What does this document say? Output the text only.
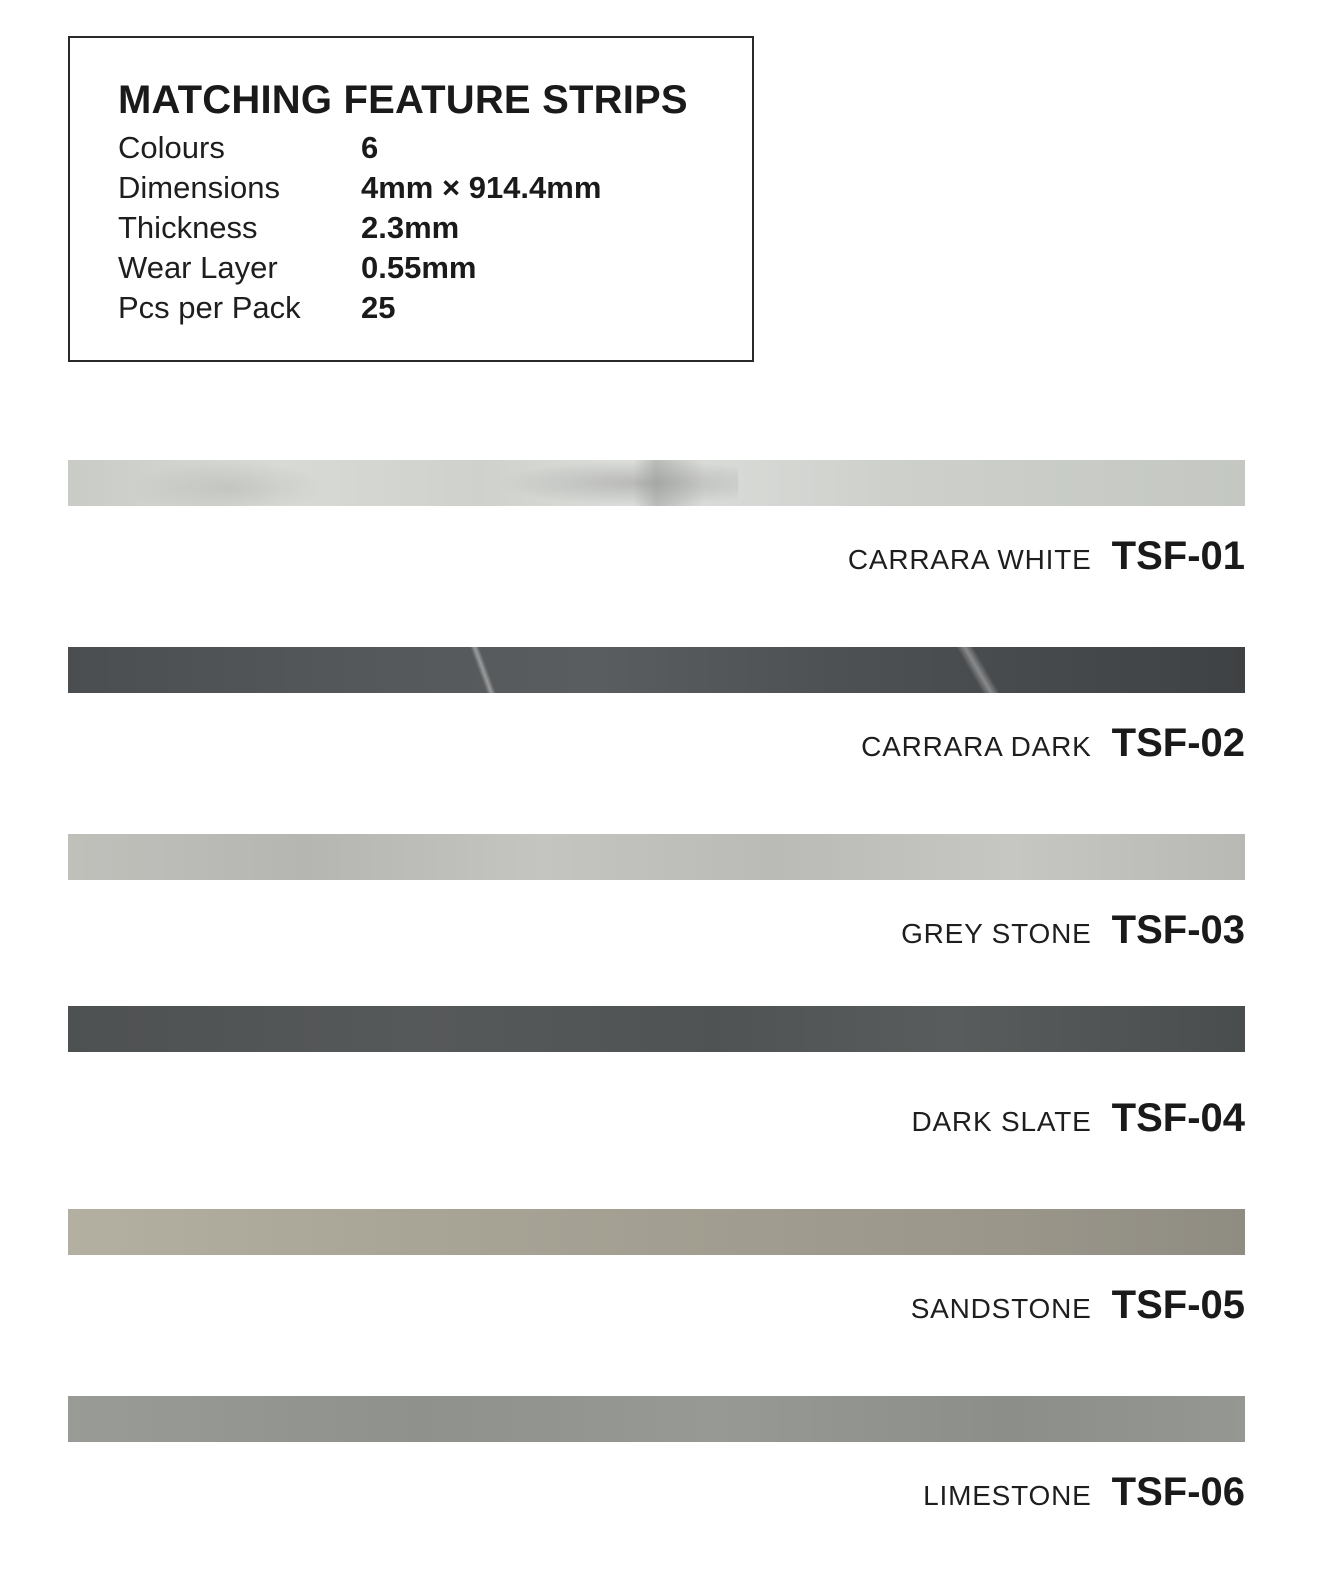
MATCHING FEATURE STRIPS
Colours	6
Dimensions	4mm × 914.4mm
Thickness	2.3mm
Wear Layer	0.55mm
Pcs per Pack	25
CARRARA WHITE TSF-01
CARRARA DARK TSF-02
GREY STONE TSF-03
DARK SLATE TSF-04
SANDSTONE TSF-05
LIMESTONE TSF-06
